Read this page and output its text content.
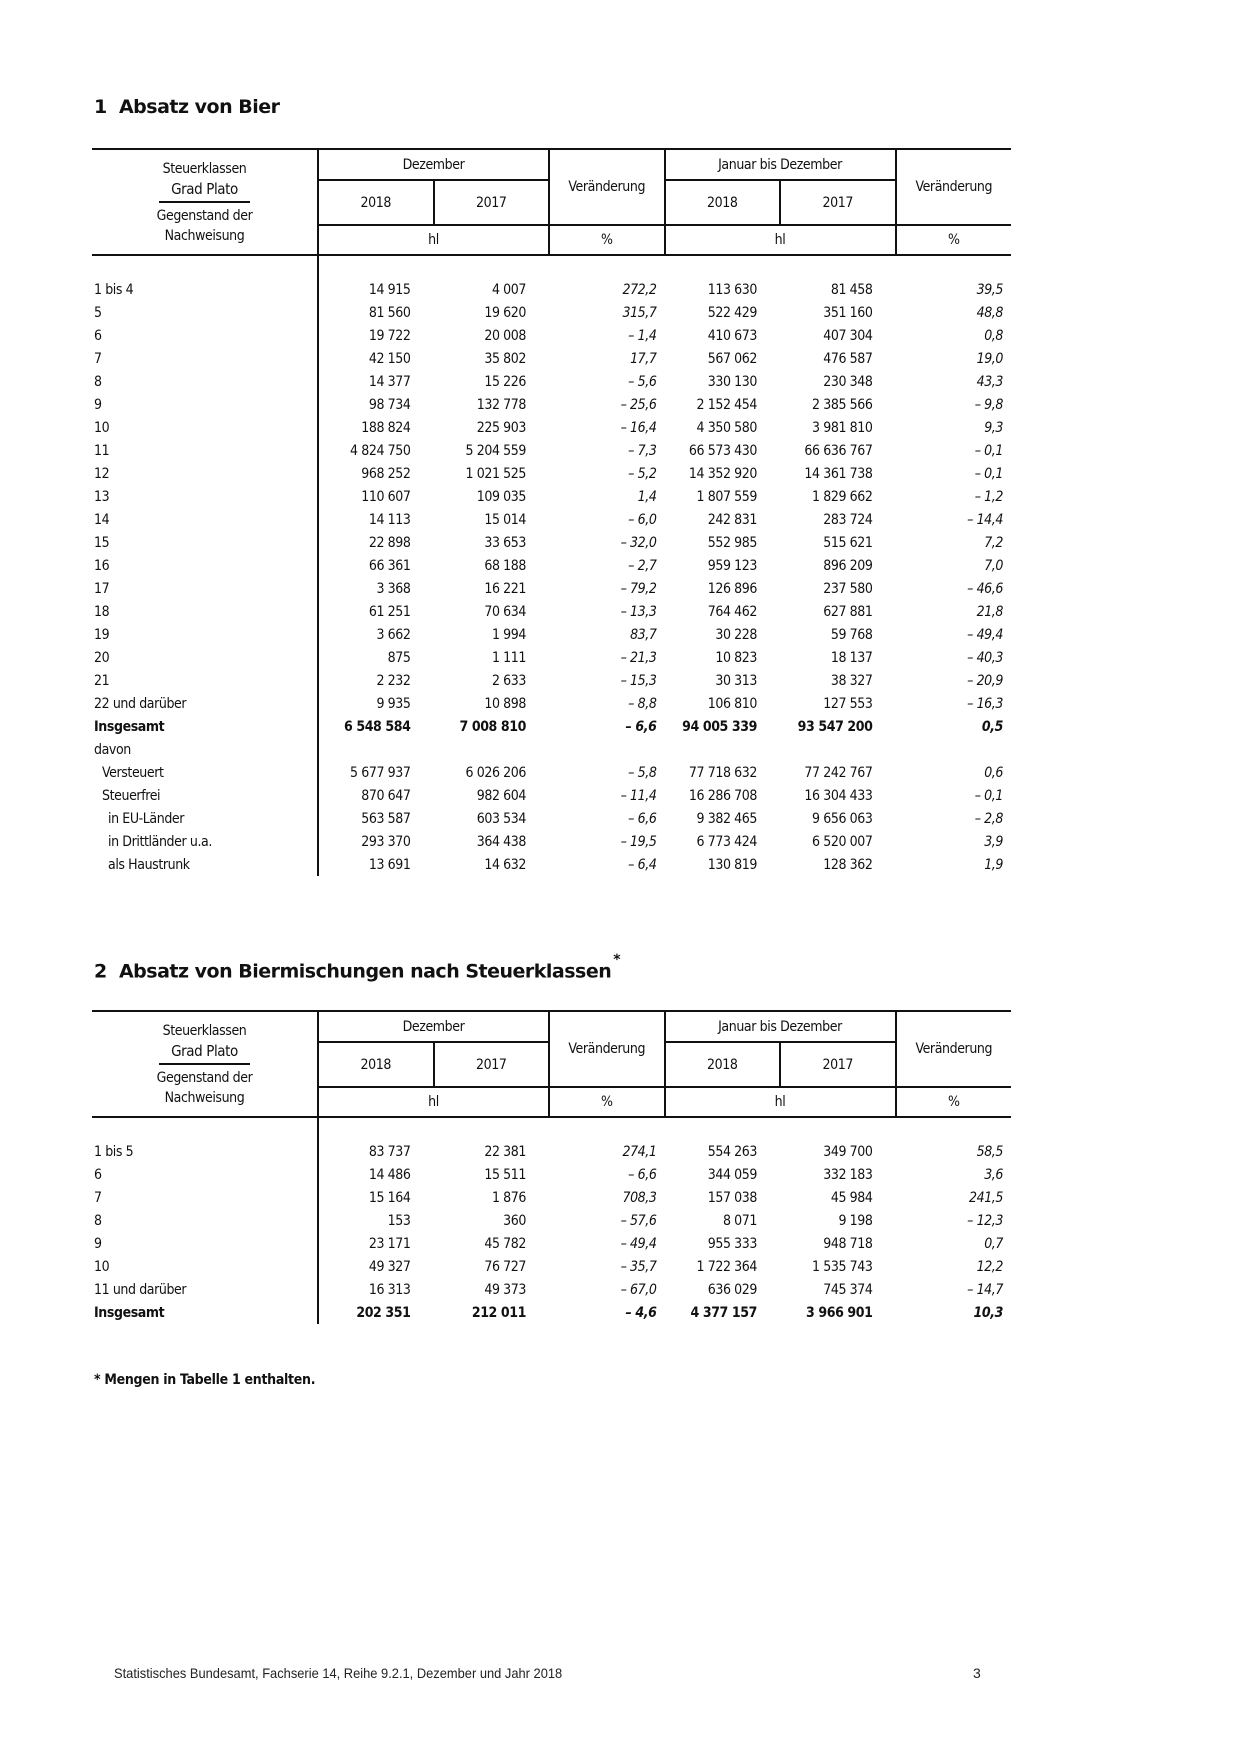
1 Absatz von Bier
Steuerklassen
Grad Plato
Gegenstand der
Nachweisung	Dezember		Veränderung	Januar bis Dezember		Veränderung
	2018	2017		2018	2017	
	hl		%	hl		%

1 bis 4	14 915	4 007	272,2	113 630	81 458	39,5
5	81 560	19 620	315,7	522 429	351 160	48,8
6	19 722	20 008	– 1,4	410 673	407 304	0,8
7	42 150	35 802	17,7	567 062	476 587	19,0
8	14 377	15 226	– 5,6	330 130	230 348	43,3
9	98 734	132 778	– 25,6	2 152 454	2 385 566	– 9,8
10	188 824	225 903	– 16,4	4 350 580	3 981 810	9,3
11	4 824 750	5 204 559	– 7,3	66 573 430	66 636 767	– 0,1
12	968 252	1 021 525	– 5,2	14 352 920	14 361 738	– 0,1
13	110 607	109 035	1,4	1 807 559	1 829 662	– 1,2
14	14 113	15 014	– 6,0	242 831	283 724	– 14,4
15	22 898	33 653	– 32,0	552 985	515 621	7,2
16	66 361	68 188	– 2,7	959 123	896 209	7,0
17	3 368	16 221	– 79,2	126 896	237 580	– 46,6
18	61 251	70 634	– 13,3	764 462	627 881	21,8
19	3 662	1 994	83,7	30 228	59 768	– 49,4
20	875	1 111	– 21,3	10 823	18 137	– 40,3
21	2 232	2 633	– 15,3	30 313	38 327	– 20,9
22 und darüber	9 935	10 898	– 8,8	106 810	127 553	– 16,3
Insgesamt	6 548 584	7 008 810	– 6,6	94 005 339	93 547 200	0,5
davon						
Versteuert	5 677 937	6 026 206	– 5,8	77 718 632	77 242 767	0,6
Steuerfrei	870 647	982 604	– 11,4	16 286 708	16 304 433	– 0,1
in EU-Länder	563 587	603 534	– 6,6	9 382 465	9 656 063	– 2,8
in Drittländer u.a.	293 370	364 438	– 19,5	6 773 424	6 520 007	3,9
als Haustrunk	13 691	14 632	– 6,4	130 819	128 362	1,9
2 Absatz von Biermischungen nach Steuerklassen*
Steuerklassen
Grad Plato
Gegenstand der
Nachweisung	Dezember		Veränderung	Januar bis Dezember		Veränderung
	2018	2017		2018	2017	
	hl		%	hl		%

1 bis 5	83 737	22 381	274,1	554 263	349 700	58,5
6	14 486	15 511	– 6,6	344 059	332 183	3,6
7	15 164	1 876	708,3	157 038	45 984	241,5
8	153	360	– 57,6	8 071	9 198	– 12,3
9	23 171	45 782	– 49,4	955 333	948 718	0,7
10	49 327	76 727	– 35,7	1 722 364	1 535 743	12,2
11 und darüber	16 313	49 373	– 67,0	636 029	745 374	– 14,7
Insgesamt	202 351	212 011	– 4,6	4 377 157	3 966 901	10,3
* Mengen in Tabelle 1 enthalten.
Statistisches Bundesamt, Fachserie 14, Reihe 9.2.1, Dezember und Jahr 2018	3
